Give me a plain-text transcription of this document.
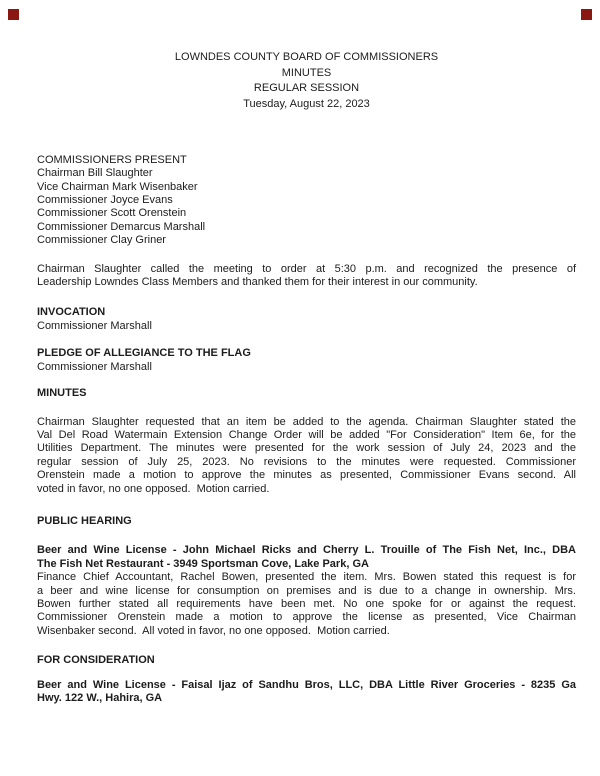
LOWNDES COUNTY BOARD OF COMMISSIONERS
MINUTES
REGULAR SESSION
Tuesday, August 22, 2023
COMMISSIONERS PRESENT
Chairman Bill Slaughter
Vice Chairman Mark Wisenbaker
Commissioner Joyce Evans
Commissioner Scott Orenstein
Commissioner Demarcus Marshall
Commissioner Clay Griner
Chairman Slaughter called the meeting to order at 5:30 p.m. and recognized the presence of
Leadership Lowndes Class Members and thanked them for their interest in our community.
INVOCATION
Commissioner Marshall
PLEDGE OF ALLEGIANCE TO THE FLAG
Commissioner Marshall
MINUTES
Chairman Slaughter requested that an item be added to the agenda. Chairman Slaughter stated the
Val Del Road Watermain Extension Change Order will be added "For Consideration" Item 6e, for the
Utilities Department. The minutes were presented for the work session of July 24, 2023 and the
regular session of July 25, 2023. No revisions to the minutes were requested. Commissioner
Orenstein made a motion to approve the minutes as presented, Commissioner Evans second. All
voted in favor, no one opposed.  Motion carried.
PUBLIC HEARING
Beer and Wine License - John Michael Ricks and Cherry L. Trouille of The Fish Net, Inc., DBA
The Fish Net Restaurant - 3949 Sportsman Cove, Lake Park, GA
Finance Chief Accountant, Rachel Bowen, presented the item. Mrs. Bowen stated this request is for
a beer and wine license for consumption on premises and is due to a change in ownership. Mrs.
Bowen further stated all requirements have been met. No one spoke for or against the request.
Commissioner Orenstein made a motion to approve the license as presented, Vice Chairman
Wisenbaker second.  All voted in favor, no one opposed.  Motion carried.
FOR CONSIDERATION
Beer and Wine License - Faisal Ijaz of Sandhu Bros, LLC, DBA Little River Groceries - 8235 Ga
Hwy. 122 W., Hahira, GA
